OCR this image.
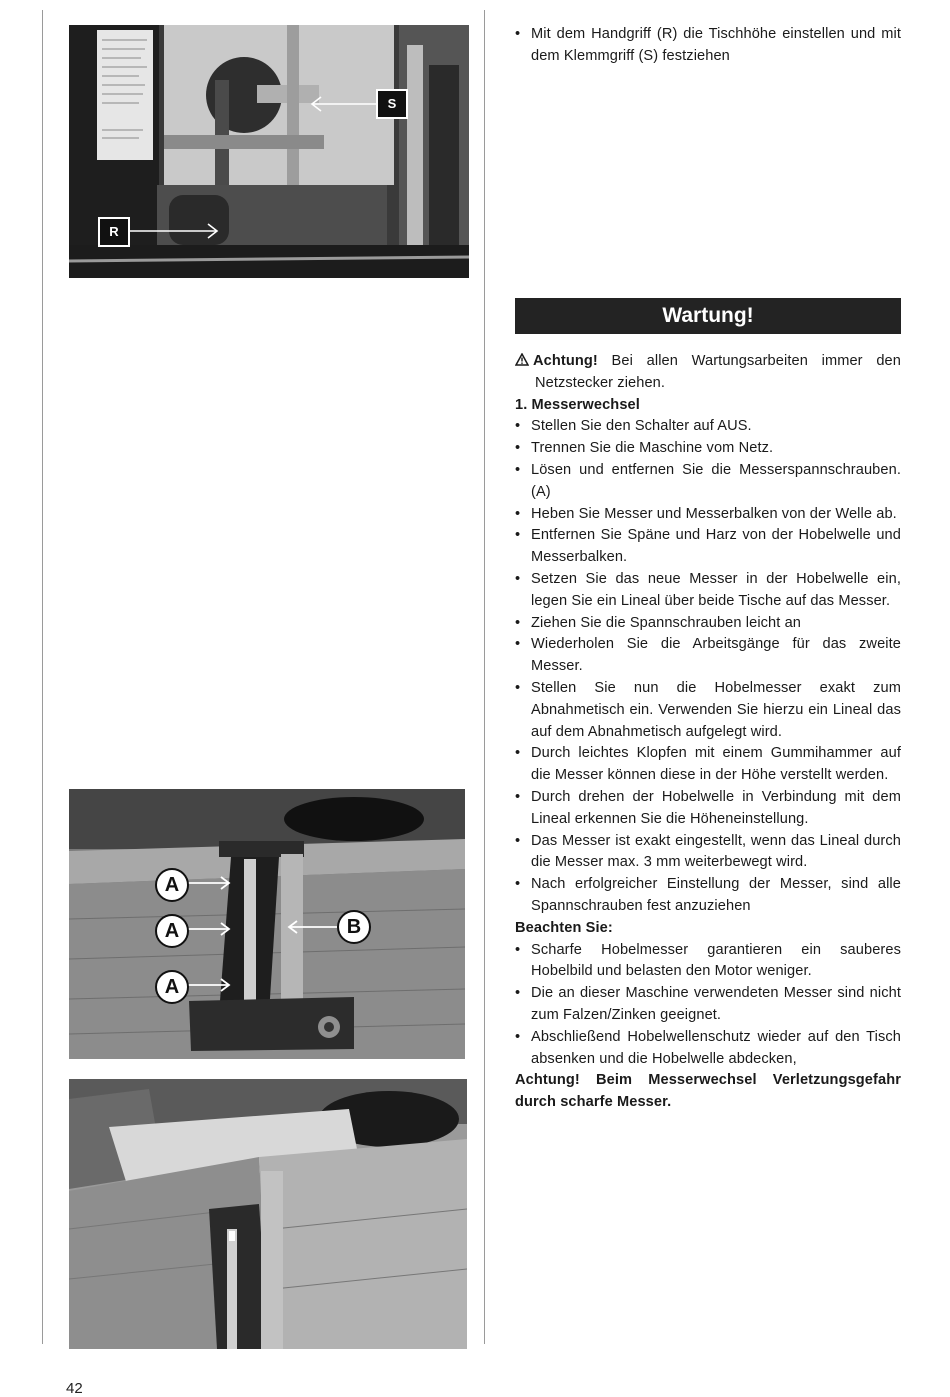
S
R
A
A
A
B

• Mit dem Handgriff (R) die Tischhöhe einstellen und mit dem Klemmgriff (S) festziehen

Wartung!

Achtung! Bei allen Wartungsarbeiten immer den Netzstecker ziehen.

1. Messerwechsel

• Stellen Sie den Schalter auf AUS.

• Trennen Sie die Maschine vom Netz.

• Lösen und entfernen Sie die Messerspannschrauben. (A)

• Heben Sie Messer und Messerbalken von der Welle ab.

• Entfernen Sie Späne und Harz von der Hobelwelle und Messerbalken.

• Setzen Sie das neue Messer in der Hobelwelle ein, legen Sie ein Lineal über beide Tische auf das Messer.

• Ziehen Sie die Spannschrauben leicht an

• Wiederholen Sie die Arbeitsgänge für das zweite Messer.

• Stellen Sie nun die Hobelmesser exakt zum Abnahmetisch ein. Verwenden Sie hierzu ein Lineal das auf dem Abnahmetisch aufgelegt wird.

• Durch leichtes Klopfen mit einem Gummihammer auf die Messer können diese in der Höhe verstellt werden.

• Durch drehen der Hobelwelle in Verbindung mit dem Lineal erkennen Sie die Höheneinstellung.

• Das Messer ist exakt eingestellt, wenn das Lineal durch die Messer max. 3 mm weiterbewegt wird.

• Nach erfolgreicher Einstellung der Messer, sind alle Spannschrauben fest anzuziehen

Beachten Sie:

• Scharfe Hobelmesser garantieren ein sauberes Hobelbild und belasten den Motor weniger.

• Die an dieser Maschine verwendeten Messer sind nicht zum Falzen/Zinken geeignet.

• Abschließend Hobelwellenschutz wieder auf den Tisch absenken und die Hobelwelle abdecken,

Achtung! Beim Messerwechsel Verletzungsgefahr durch scharfe Messer.

42
